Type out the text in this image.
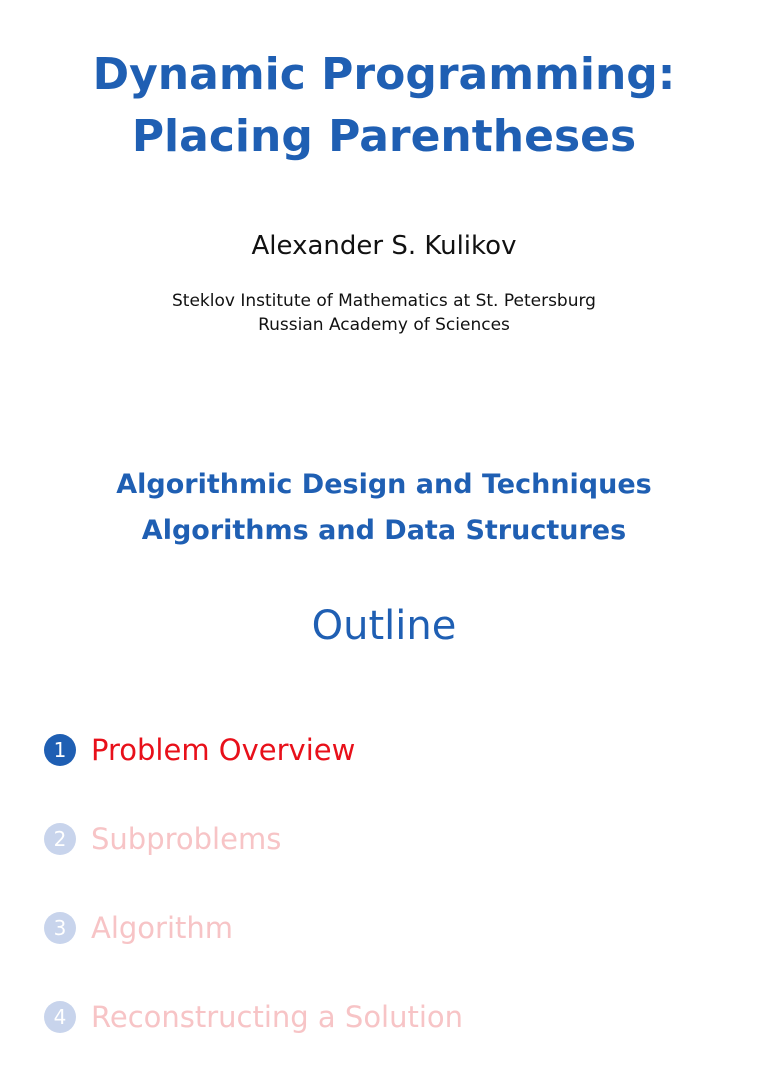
Dynamic Programming:
Placing Parentheses
Alexander S. Kulikov
Steklov Institute of Mathematics at St. Petersburg
Russian Academy of Sciences
Algorithmic Design and Techniques
Algorithms and Data Structures
Outline
1 Problem Overview
2 Subproblems
3 Algorithm
4 Reconstructing a Solution
